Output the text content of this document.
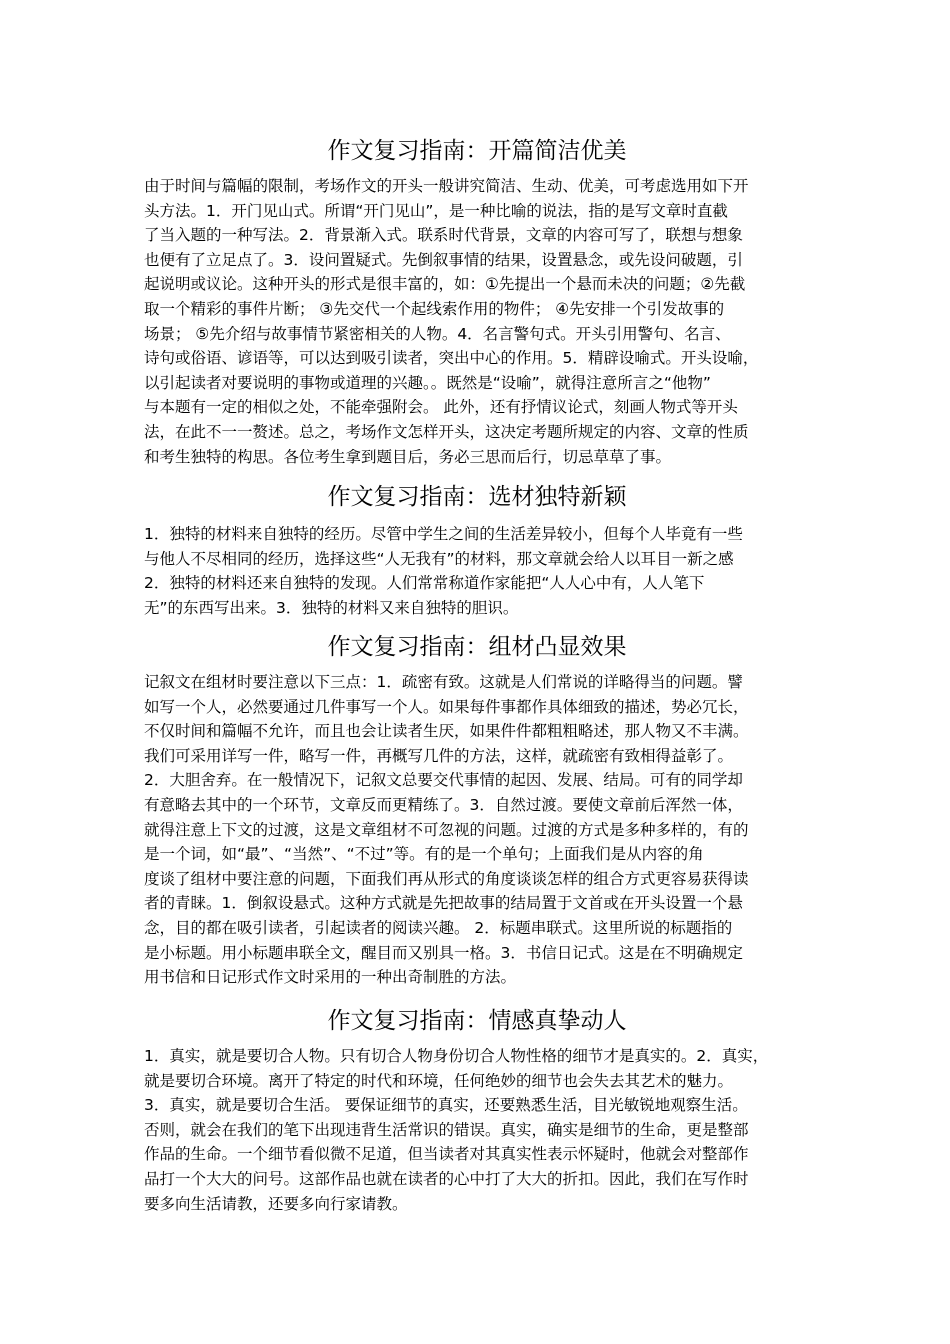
作文复习指南：开篇简洁优美
由于时间与篇幅的限制，考场作文的开头一般讲究简洁、生动、优美，可考虑选用如下开
头方法。1．开门见山式。所谓“开门见山”，是一种比喻的说法，指的是写文章时直截
了当入题的一种写法。2．背景渐入式。联系时代背景，文章的内容可写了，联想与想象
也便有了立足点了。3．设问置疑式。先倒叙事情的结果，设置悬念，或先设问破题，引
起说明或议论。这种开头的形式是很丰富的，如：①先提出一个悬而未决的问题；②先截
取一个精彩的事件片断； ③先交代一个起线索作用的物件； ④先安排一个引发故事的
场景； ⑤先介绍与故事情节紧密相关的人物。4．名言警句式。开头引用警句、名言、
诗句或俗语、谚语等，可以达到吸引读者，突出中心的作用。5．精辟设喻式。开头设喻，
以引起读者对要说明的事物或道理的兴趣。。既然是“设喻”，就得注意所言之“他物”
与本题有一定的相似之处，不能牵强附会。 此外，还有抒情议论式，刻画人物式等开头
法，在此不一一赘述。总之，考场作文怎样开头，这决定考题所规定的内容、文章的性质
和考生独特的构思。各位考生拿到题目后，务必三思而后行，切忌草草了事。
作文复习指南：选材独特新颖
1．独特的材料来自独特的经历。尽管中学生之间的生活差异较小，但每个人毕竟有一些
与他人不尽相同的经历，选择这些“人无我有”的材料，那文章就会给人以耳目一新之感
2．独特的材料还来自独特的发现。人们常常称道作家能把“人人心中有，人人笔下
无”的东西写出来。3．独特的材料又来自独特的胆识。
作文复习指南：组材凸显效果
记叙文在组材时要注意以下三点：1．疏密有致。这就是人们常说的详略得当的问题。譬
如写一个人，必然要通过几件事写一个人。如果每件事都作具体细致的描述，势必冗长，
不仅时间和篇幅不允许，而且也会让读者生厌，如果件件都粗粗略述，那人物又不丰满。
我们可采用详写一件，略写一件，再概写几件的方法，这样，就疏密有致相得益彰了。
2．大胆舍弃。在一般情况下，记叙文总要交代事情的起因、发展、结局。可有的同学却
有意略去其中的一个环节，文章反而更精练了。3．自然过渡。要使文章前后浑然一体，
就得注意上下文的过渡，这是文章组材不可忽视的问题。过渡的方式是多种多样的，有的
是一个词，如“最”、“当然”、“不过”等。有的是一个单句；上面我们是从内容的角
度谈了组材中要注意的问题，下面我们再从形式的角度谈谈怎样的组合方式更容易获得读
者的青睐。1．倒叙设悬式。这种方式就是先把故事的结局置于文首或在开头设置一个悬
念，目的都在吸引读者，引起读者的阅读兴趣。 2．标题串联式。这里所说的标题指的
是小标题。用小标题串联全文，醒目而又别具一格。3．书信日记式。这是在不明确规定
用书信和日记形式作文时采用的一种出奇制胜的方法。
作文复习指南：情感真挚动人
1．真实，就是要切合人物。只有切合人物身份切合人物性格的细节才是真实的。2．真实，
就是要切合环境。离开了特定的时代和环境，任何绝妙的细节也会失去其艺术的魅力。
3．真实，就是要切合生活。 要保证细节的真实，还要熟悉生活，目光敏锐地观察生活。
否则，就会在我们的笔下出现违背生活常识的错误。真实，确实是细节的生命，更是整部
作品的生命。一个细节看似微不足道，但当读者对其真实性表示怀疑时，他就会对整部作
品打一个大大的问号。这部作品也就在读者的心中打了大大的折扣。因此，我们在写作时
要多向生活请教，还要多向行家请教。
